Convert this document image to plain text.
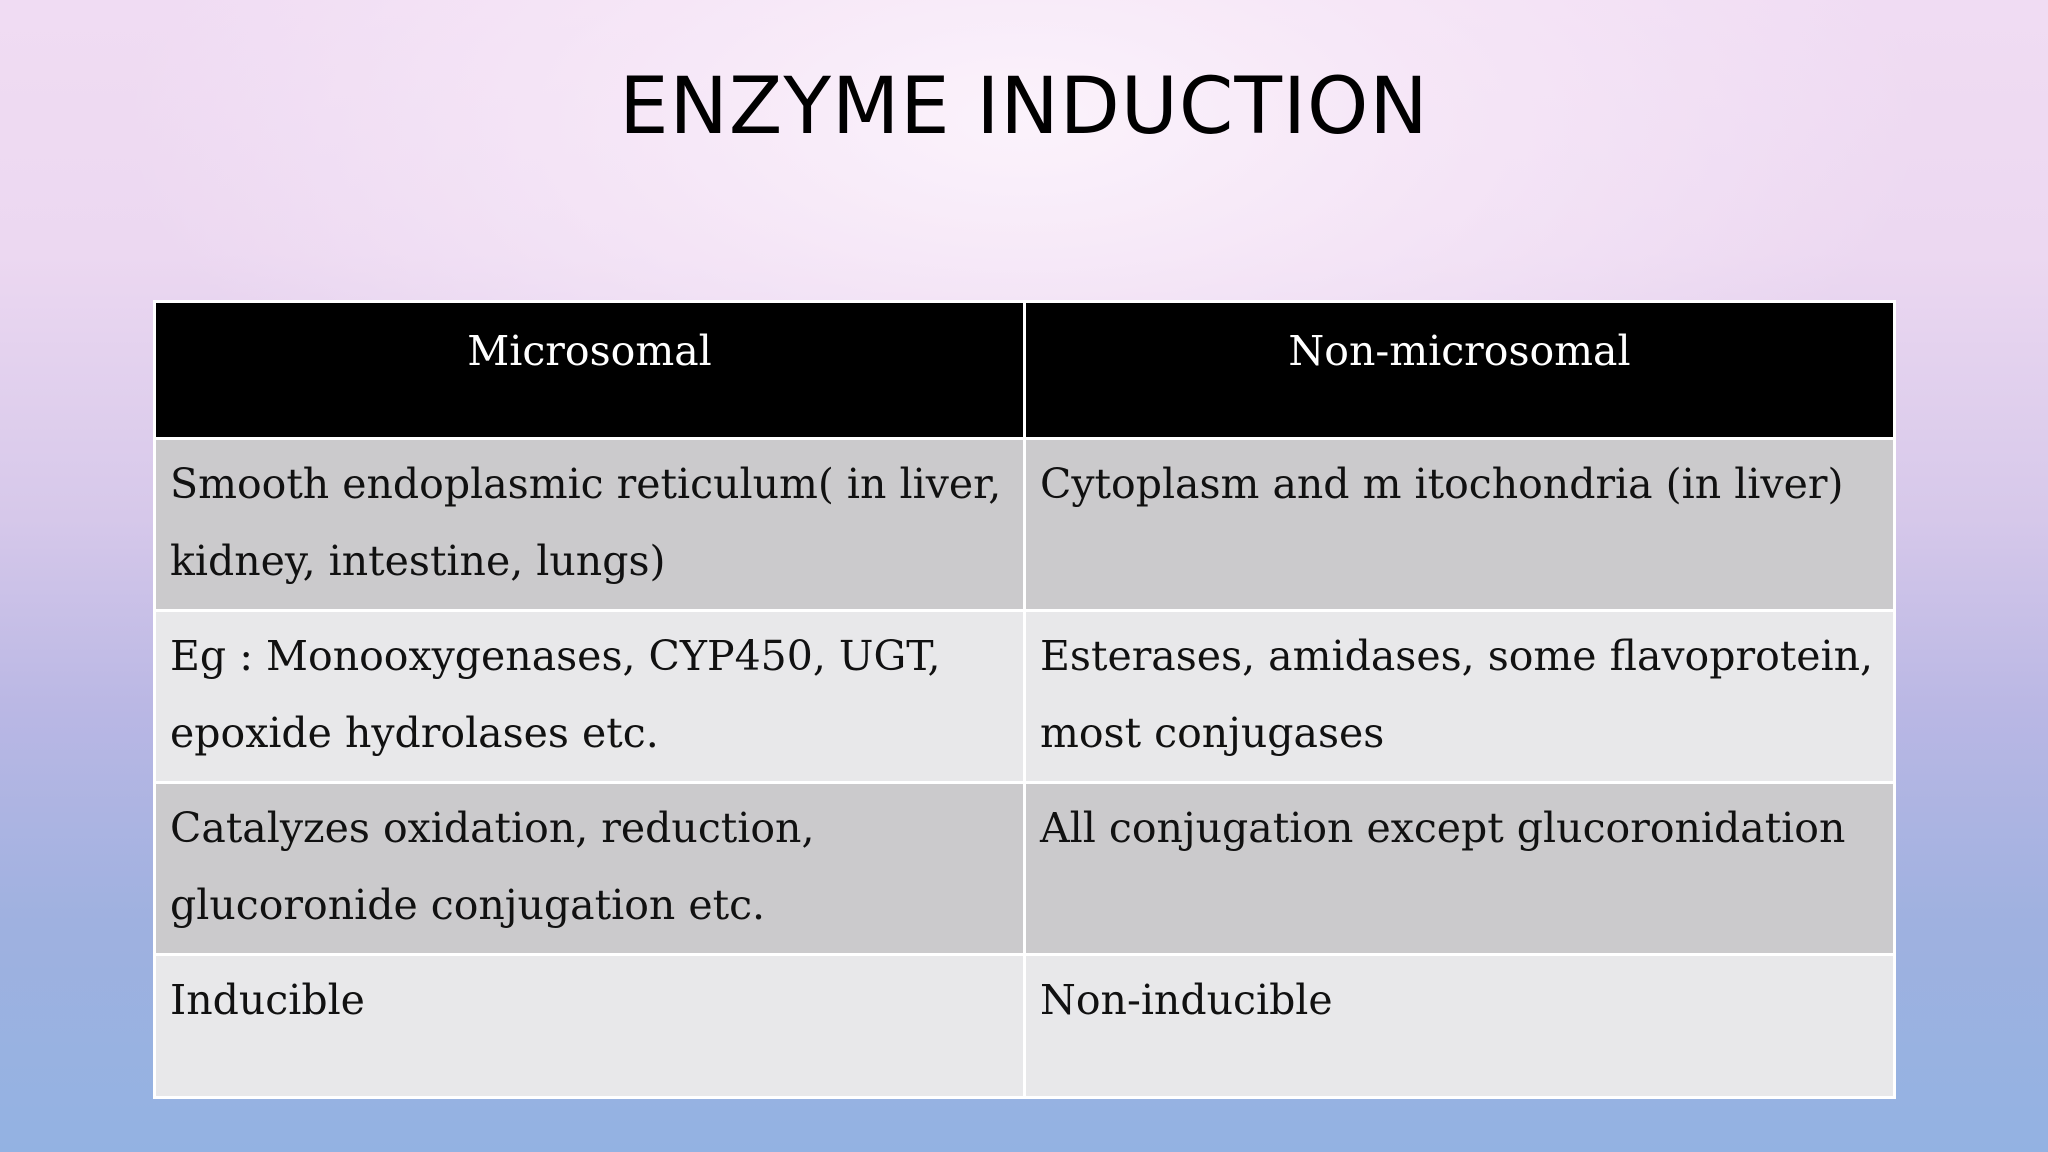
ENZYME INDUCTION
Microsomal	Non-microsomal
Smooth endoplasmic reticulum( in liver, kidney, intestine, lungs)	Cytoplasm and m itochondria (in liver)
Eg : Monooxygenases, CYP450, UGT, epoxide hydrolases etc.	Esterases, amidases, some flavoprotein, most conjugases
Catalyzes oxidation, reduction, glucoronide conjugation etc.	All conjugation except glucoronidation
Inducible	Non-inducible
